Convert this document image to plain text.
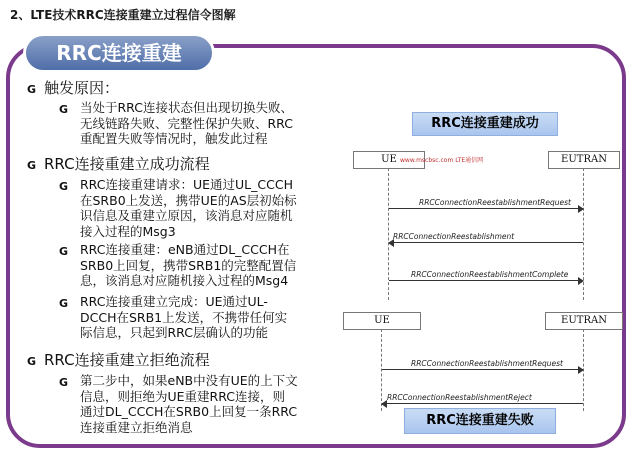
2、LTE技术RRC连接重建立过程信令图解
RRC连接重建
G 触发原因：
G 当处于RRC连接状态但出现切换失败、
无线链路失败、完整性保护失败、RRC
重配置失败等情况时，触发此过程
G RRC连接重建立成功流程
G RRC连接重建请求：UE通过UL_CCCH
在SRB0上发送，携带UE的AS层初始标
识信息及重建立原因，该消息对应随机
接入过程的Msg3
G RRC连接重建：eNB通过DL_CCCH在
SRB0上回复，携带SRB1的完整配置信
息，该消息对应随机接入过程的Msg4
G RRC连接重建立完成：UE通过UL-
DCCH在SRB1上发送，不携带任何实
际信息，只起到RRC层确认的功能
G RRC连接重建立拒绝流程
G 第二步中，如果eNB中没有UE的上下文
信息，则拒绝为UE重建RRC连接，则
通过DL_CCCH在SRB0上回复一条RRC
连接重建立拒绝消息
RRC连接重建成功
UE www.mscbsc.com LTE通信网	EUTRAN
RRCConnectionReestablishmentRequest
RRCConnectionReestablishment
RRCConnectionReestablishmentComplete
UE	EUTRAN
RRCConnectionReestablishmentRequest
RRCConnectionReestablishmentReject
RRC连接重建失败
